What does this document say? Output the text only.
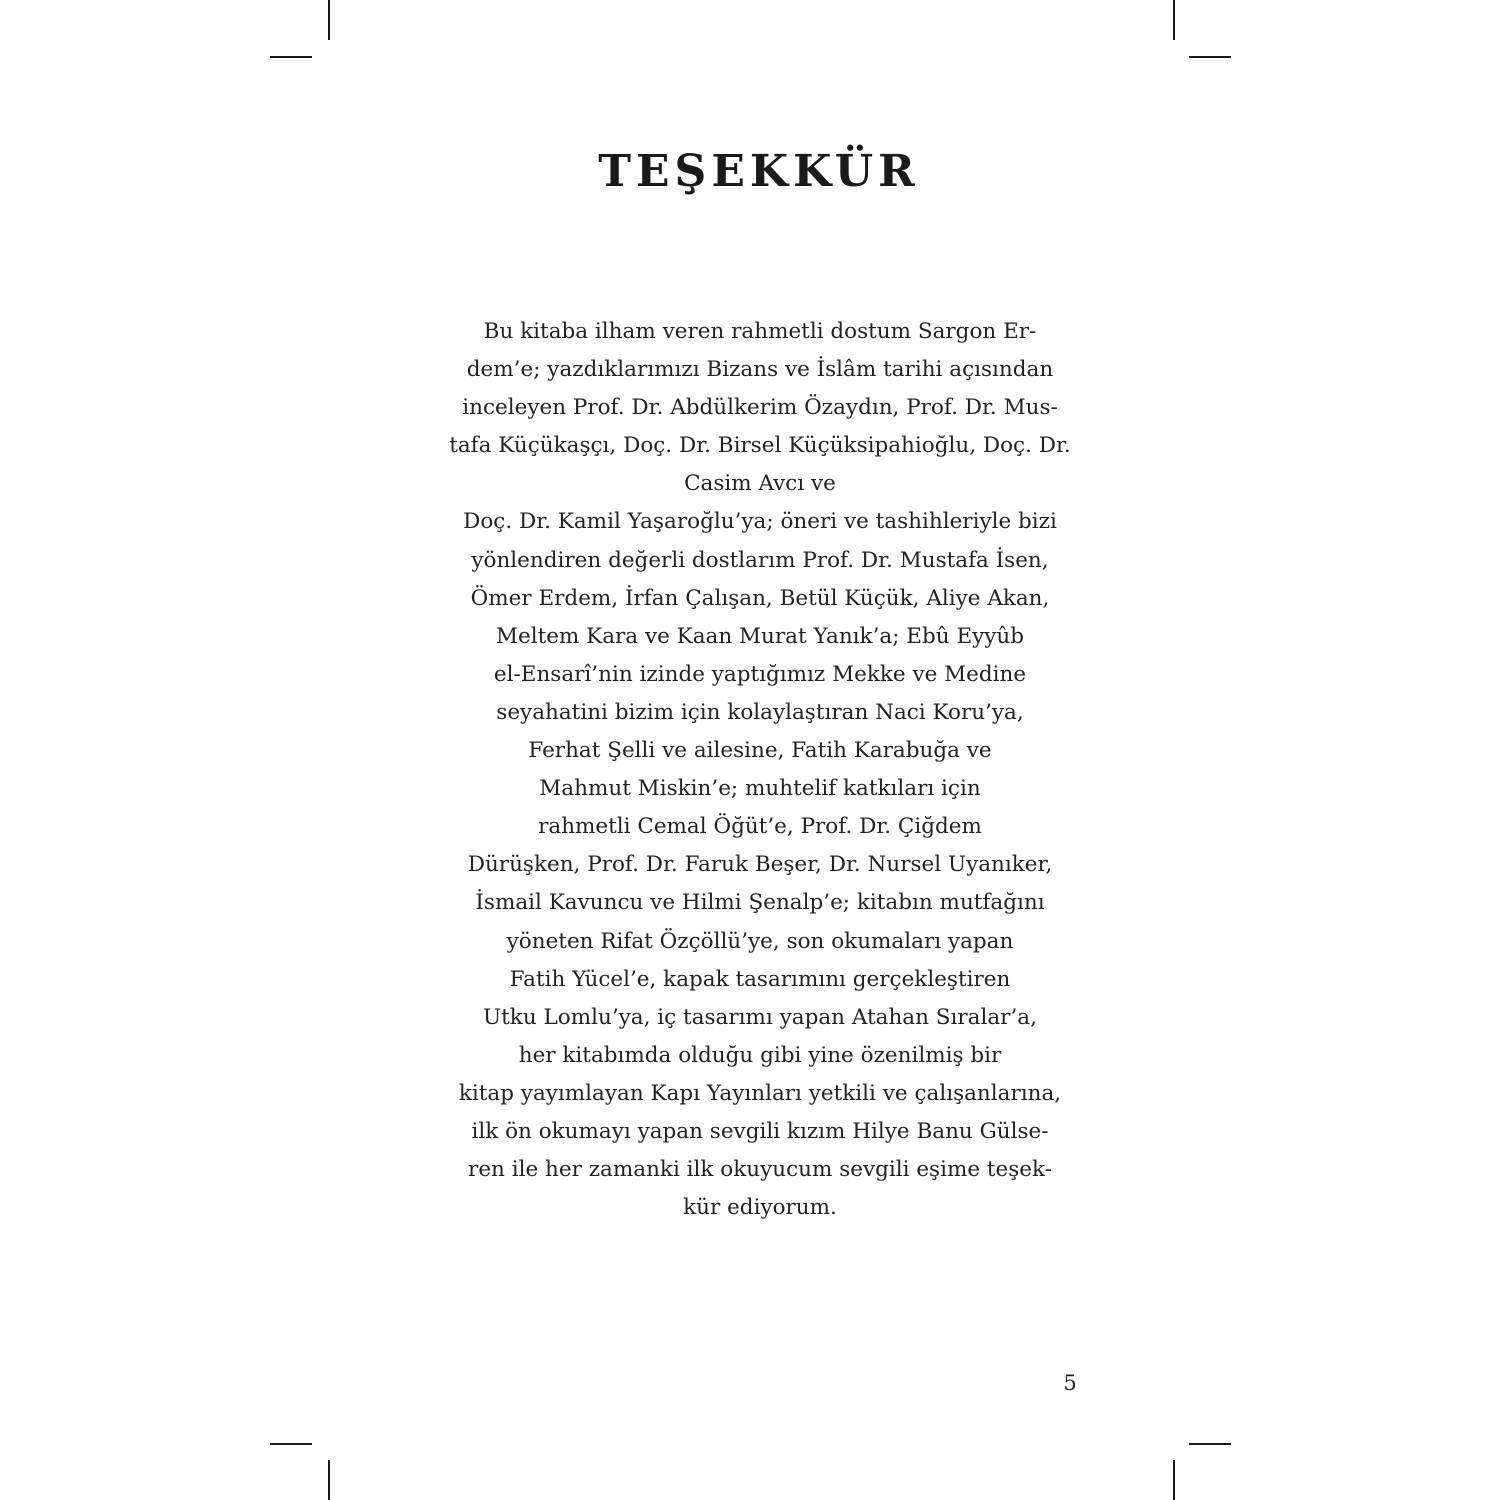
TEŞEKKÜR
Bu kitaba ilham veren rahmetli dostum Sargon Er-
dem’e; yazdıklarımızı Bizans ve İslâm tarihi açısından
inceleyen Prof. Dr. Abdülkerim Özaydın, Prof. Dr. Mus-
tafa Küçükaşçı, Doç. Dr. Birsel Küçüksipahioğlu, Doç. Dr.
Casim Avcı ve
Doç. Dr. Kamil Yaşaroğlu’ya; öneri ve tashihleriyle bizi
yönlendiren değerli dostlarım Prof. Dr. Mustafa İsen,
Ömer Erdem, İrfan Çalışan, Betül Küçük, Aliye Akan,
Meltem Kara ve Kaan Murat Yanık’a; Ebû Eyyûb
el-Ensarî’nin izinde yaptığımız Mekke ve Medine
seyahatini bizim için kolaylaştıran Naci Koru’ya,
Ferhat Şelli ve ailesine, Fatih Karabuğa ve
Mahmut Miskin’e; muhtelif katkıları için
rahmetli Cemal Öğüt’e, Prof. Dr. Çiğdem
Dürüşken, Prof. Dr. Faruk Beşer, Dr. Nursel Uyanıker,
İsmail Kavuncu ve Hilmi Şenalp’e; kitabın mutfağını
yöneten Rifat Özçöllü’ye, son okumaları yapan
Fatih Yücel’e, kapak tasarımını gerçekleştiren
Utku Lomlu’ya, iç tasarımı yapan Atahan Sıralar’a,
her kitabımda olduğu gibi yine özenilmiş bir
kitap yayımlayan Kapı Yayınları yetkili ve çalışanlarına,
ilk ön okumayı yapan sevgili kızım Hilye Banu Gülse-
ren ile her zamanki ilk okuyucum sevgili eşime teşek-
kür ediyorum.
5
